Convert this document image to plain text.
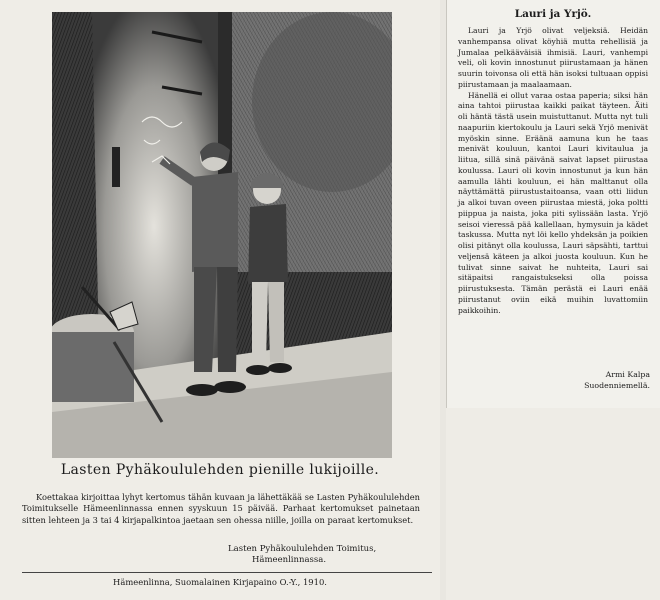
Lasten Pyhäkoululehden pienille lukijoille.

Koettakaa kirjoittaa lyhyt kertomus tähän kuvaan ja lähettäkää se Lasten Pyhäkoululehden Toimitukselle Hämeenlinnassa ennen syyskuun 15 päivää. Parhaat kertomukset painetaan sitten lehteen ja 3 tai 4 kirjapalkintoa jaetaan sen ohessa niille, joilla on paraat kertomukset.

Lasten Pyhäkoululehden Toimitus,
Hämeenlinnassa.
Hämeenlinna, Suomalainen Kirjapaino O.-Y., 1910.
Lauri ja Yrjö.

Lauri ja Yrjö olivat veljeksiä. Heidän vanhempansa olivat köyhiä mutta rehellisiä ja Jumalaa pelkääväisiä ihmisiä. Lauri, vanhempi veli, oli kovin innostunut piirustamaan ja hänen suurin toivonsa oli että hän isoksi tultuaan oppisi piirustamaan ja maalaamaan.

Hänellä ei ollut varaa ostaa paperia; siksi hän aina tahtoi piirustaa kaikki paikat täyteen. Äiti oli häntä tästä usein muistuttanut. Mutta nyt tuli naapuriin kiertokoulu ja Lauri sekä Yrjö menivät myöskin sinne. Eräänä aamuna kun he taas menivät kouluun, kantoi Lauri kivitaulua ja liitua, sillä sinä päivänä saivat lapset piirustaa koulussa. Lauri oli kovin innostunut ja kun hän aamulla lähti kouluun, ei hän malttanut olla näyttämättä piirustustaitoansa, vaan otti liidun ja alkoi tuvan oveen piirustaa miestä, joka poltti piippua ja naista, joka piti sylissään lasta. Yrjö seisoi vieressä pää kallellaan, hymysuin ja kädet taskussa. Mutta nyt löi kello yhdeksän ja poikien olisi pitänyt olla koulussa, Lauri säpsähti, tarttui veljensä käteen ja alkoi juosta kouluun. Kun he tulivat sinne saivat he nuhteita, Lauri sai sitäpaitsi rangaistukseksi olla poissa piirustuksesta. Tämän perästä ei Lauri enää piirustanut oviin eikä muihin luvattomiin paikkoihin.

Armi Kalpa
Suodenniemellä.
